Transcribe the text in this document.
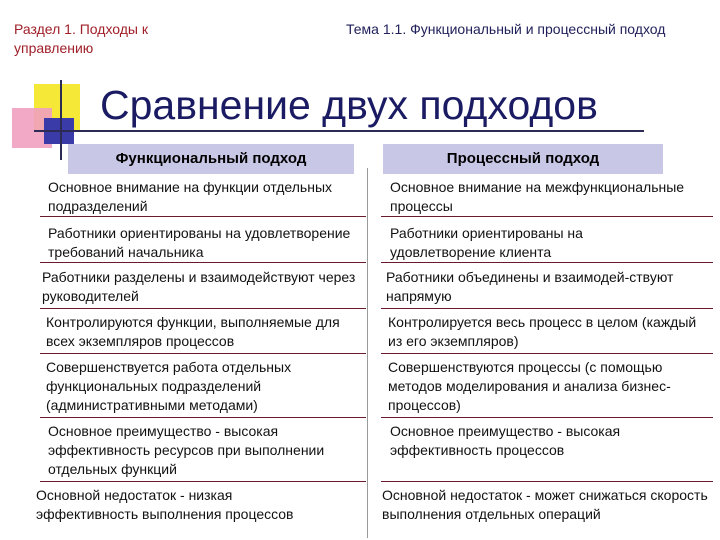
Раздел 1. Подходы к управлению
Тема 1.1. Функциональный и процессный подход
Сравнение двух подходов
Функциональный подход	Процессный подход
Основное внимание на функции отдельных подразделений
Основное внимание на межфункциональные процессы
Работники ориентированы на удовлетворение требований начальника
Работники ориентированы на удовлетворение клиента
Работники разделены и взаимодействуют через руководителей
Работники объединены и взаимодей-ствуют напрямую
Контролируются функции, выполняемые для всех экземпляров процессов
Контролируется весь процесс в целом (каждый из его экземпляров)
Совершенствуется работа отдельных функциональных подразделений (административными методами)
Совершенствуются процессы (с помощью методов моделирования и анализа бизнес-процессов)
Основное преимущество - высокая эффективность ресурсов при выполнении отдельных функций
Основное преимущество - высокая эффективность процессов
Основной недостаток - низкая эффективность выполнения процессов
Основной недостаток - может снижаться скорость выполнения отдельных операций
